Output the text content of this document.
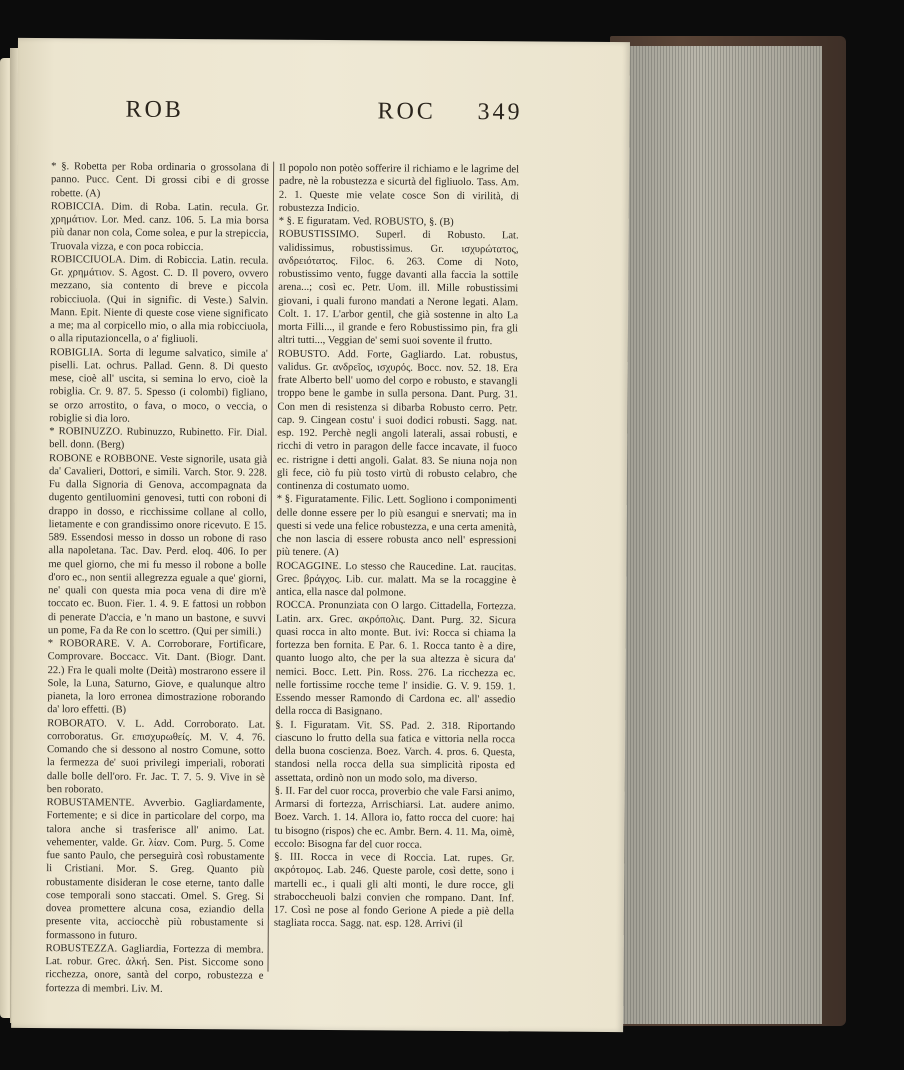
ROB	ROC 349

* §. Robetta per Roba ordinaria o grossolana di panno. Pucc. Cent. Di grossi cibi e di grosse robette. (A)

ROBICCIA. Dim. di Roba. Latin. recula. Gr. χρημάτιον. Lor. Med. canz. 106. 5. La mia borsa più danar non cola, Come solea, e pur la strepiccia, Truovala vizza, e con poca robiccia.

ROBICCIUOLA. Dim. di Robiccia. Latin. recula. Gr. χρημάτιον. S. Agost. C. D. Il povero, ovvero mezzano, sia contento di breve e piccola robicciuola. (Qui in signific. di Veste.) Salvin. Mann. Epit. Niente di queste cose viene significato a me; ma al corpicello mio, o alla mia robicciuola, o alla riputazioncella, o a' figliuoli.

ROBIGLIA. Sorta di legume salvatico, simile a' piselli. Lat. ochrus. Pallad. Genn. 8. Di questo mese, cioè all' uscita, si semina lo ervo, cioè la robiglia. Cr. 9. 87. 5. Spesso (i colombi) figliano, se orzo arrostito, o fava, o moco, o veccia, o robiglie si dia loro.

* ROBINUZZO. Rubinuzzo, Rubinetto. Fir. Dial. bell. donn. (Berg)

ROBONE e ROBBONE. Veste signorile, usata già da' Cavalieri, Dottori, e simili. Varch. Stor. 9. 228. Fu dalla Signoria di Genova, accompagnata da dugento gentiluomini genovesi, tutti con roboni di drappo in dosso, e ricchissime collane al collo, lietamente e con grandissimo onore ricevuto. E 15. 589. Essendosi messo in dosso un robone di raso alla napoletana. Tac. Dav. Perd. eloq. 406. Io per me quel giorno, che mi fu messo il robone a bolle d'oro ec., non sentii allegrezza eguale a que' giorni, ne' quali con questa mia poca vena di dire m'è toccato ec. Buon. Fier. 1. 4. 9. E fattosi un robbon di penerate D'accia, e 'n mano un bastone, e suvvi un pome, Fa da Re con lo scettro. (Qui per simili.)

* ROBORARE. V. A. Corroborare, Fortificare, Comprovare. Boccacc. Vit. Dant. (Biogr. Dant. 22.) Fra le quali molte (Deità) mostrarono essere il Sole, la Luna, Saturno, Giove, e qualunque altro pianeta, la loro erronea dimostrazione roborando da' loro effetti. (B)

ROBORATO. V. L. Add. Corroborato. Lat. corroboratus. Gr. επισχυρωθείς. M. V. 4. 76. Comando che si dessono al nostro Comune, sotto la fermezza de' suoi privilegi imperiali, roborati dalle bolle dell'oro. Fr. Jac. T. 7. 5. 9. Vive in sè ben roborato.

ROBUSTAMENTE. Avverbio. Gagliardamente, Fortemente; e si dice in particolare del corpo, ma talora anche si trasferisce all' animo. Lat. vehementer, valde. Gr. λίαν. Com. Purg. 5. Come fue santo Paulo, che perseguirà così robustamente li Cristiani. Mor. S. Greg. Quanto più robustamente disideran le cose eterne, tanto dalle cose temporali sono staccati. Omel. S. Greg. Si dovea promettere alcuna cosa, eziandio della presente vita, acciocchè più robustamente si formassono in futuro.

ROBUSTEZZA. Gagliardia, Fortezza di membra. Lat. robur. Grec. ἀλκή. Sen. Pist. Siccome sono ricchezza, onore, santà del corpo, robustezza e fortezza di membri. Liv. M.

Il popolo non potèo sofferire il richiamo e le lagrime del padre, nè la robustezza e sicurtà del figliuolo. Tass. Am. 2. 1. Queste mie velate cosce Son di virilità, di robustezza Indicio.

* §. E figuratam. Ved. ROBUSTO, §. (B)

ROBUSTISSIMO. Superl. di Robusto. Lat. validissimus, robustissimus. Gr. ισχυρώτατος, ανδρειότατος. Filoc. 6. 263. Come di Noto, robustissimo vento, fugge davanti alla faccia la sottile arena...; così ec. Petr. Uom. ill. Mille robustissimi giovani, i quali furono mandati a Nerone legati. Alam. Colt. 1. 17. L'arbor gentil, che già sostenne in alto La morta Filli..., il grande e fero Robustissimo pin, fra gli altri tutti..., Veggian de' semi suoi sovente il frutto.

ROBUSTO. Add. Forte, Gagliardo. Lat. robustus, validus. Gr. ανδρεῖος, ισχυρός. Bocc. nov. 52. 18. Era frate Alberto bell' uomo del corpo e robusto, e stavangli troppo bene le gambe in sulla persona. Dant. Purg. 31. Con men di resistenza si dibarba Robusto cerro. Petr. cap. 9. Cingean costu' i suoi dodici robusti. Sagg. nat. esp. 192. Perchè negli angoli laterali, assai robusti, e ricchi di vetro in paragon delle facce incavate, il fuoco ec. ristrigne i detti angoli. Galat. 83. Se niuna noja non gli fece, ciò fu più tosto virtù di robusto celabro, che continenza di costumato uomo.

* §. Figuratamente. Filic. Lett. Sogliono i componimenti delle donne essere per lo più esangui e snervati; ma in questi si vede una felice robustezza, e una certa amenità, che non lascia di essere robusta anco nell' espressioni più tenere. (A)

ROCAGGINE. Lo stesso che Raucedine. Lat. raucitas. Grec. βράγχος. Lib. cur. malatt. Ma se la rocaggine è antica, ella nasce dal polmone.

ROCCA. Pronunziata con O largo. Cittadella, Fortezza. Latin. arx. Grec. ακρόπολις. Dant. Purg. 32. Sicura quasi rocca in alto monte. But. ivi: Rocca si chiama la fortezza ben fornita. E Par. 6. 1. Rocca tanto è a dire, quanto luogo alto, che per la sua altezza è sicura da' nemici. Bocc. Lett. Pin. Ross. 276. La ricchezza ec. nelle fortissime rocche teme l' insidie. G. V. 9. 159. 1. Essendo messer Ramondo di Cardona ec. all' assedio della rocca di Basignano.

§. I. Figuratam. Vit. SS. Pad. 2. 318. Riportando ciascuno lo frutto della sua fatica e vittoria nella rocca della buona coscienza. Boez. Varch. 4. pros. 6. Questa, standosi nella rocca della sua simplicità riposta ed assettata, ordinò non un modo solo, ma diverso.

§. II. Far del cuor rocca, proverbio che vale Farsi animo, Armarsi di fortezza, Arrischiarsi. Lat. audere animo. Boez. Varch. 1. 14. Allora io, fatto rocca del cuore: hai tu bisogno (rispos) che ec. Ambr. Bern. 4. 11. Ma, oimè, eccolo: Bisogna far del cuor rocca.

§. III. Rocca in vece di Roccia. Lat. rupes. Gr. ακρότομος. Lab. 246. Queste parole, così dette, sono i martelli ec., i quali gli alti monti, le dure rocce, gli straboccheuoli balzi convien che rompano. Dant. Inf. 17. Così ne pose al fondo Gerione A piede a piè della stagliata rocca. Sagg. nat. esp. 128. Arrivi (il
